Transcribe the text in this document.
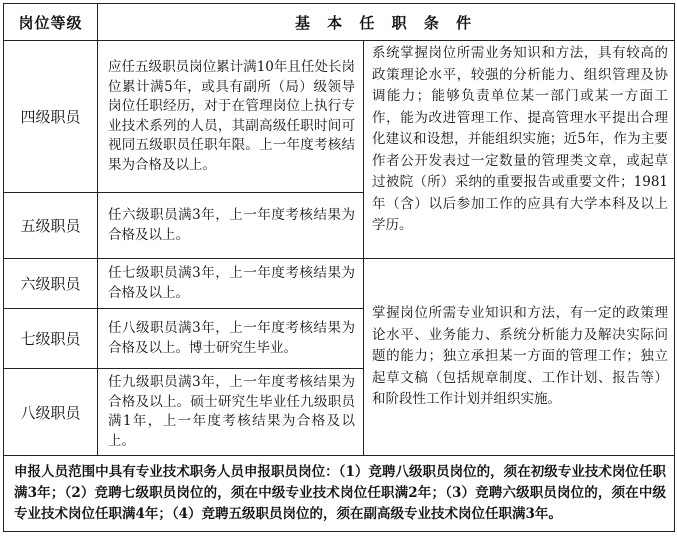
岗位等级	基 本 任 职 条 件	
四级职员	应任五级职员岗位累计满10年且任处长岗位累计满5年，或具有副所（局）级领导岗位任职经历，对于在管理岗位上执行专业技术系列的人员，其副高级任职时间可视同五级职员任职年限。上一年度考核结果为合格及以上。	系统掌握岗位所需业务知识和方法，具有较高的政策理论水平，较强的分析能力、组织管理及协调能力；能够负责单位某一部门或某一方面工作，能为改进管理工作、提高管理水平提出合理化建议和设想，并能组织实施；近5年，作为主要作者公开发表过一定数量的管理类文章，或起草过被院（所）采纳的重要报告或重要文件；1981 年（含）以后参加工作的应具有大学本科及以上学历。
五级职员	任六级职员满3年，上一年度考核结果为合格及以上。	
六级职员	任七级职员满3年，上一年度考核结果为合格及以上。	掌握岗位所需专业知识和方法，有一定的政策理论水平、业务能力、系统分析能力及解决实际问题的能力；独立承担某一方面的管理工作；独立起草文稿（包括规章制度、工作计划、报告等）和阶段性工作计划并组织实施。
七级职员	任八级职员满3年，上一年度考核结果为合格及以上。博士研究生毕业。	
八级职员	任九级职员满3年，上一年度考核结果为合格及以上。硕士研究生毕业任九级职员满1年，上一年度考核结果为合格及以上。	
申报人员范围中具有专业技术职务人员申报职员岗位：（1）竞聘八级职员岗位的，须在初级专业技术岗位任职满3年；（2）竞聘七级职员岗位的，须在中级专业技术岗位任职满2年；（3）竞聘六级职员岗位的，须在中级专业技术岗位任职满4年；（4）竞聘五级职员岗位的，须在副高级专业技术岗位任职满3年。		
